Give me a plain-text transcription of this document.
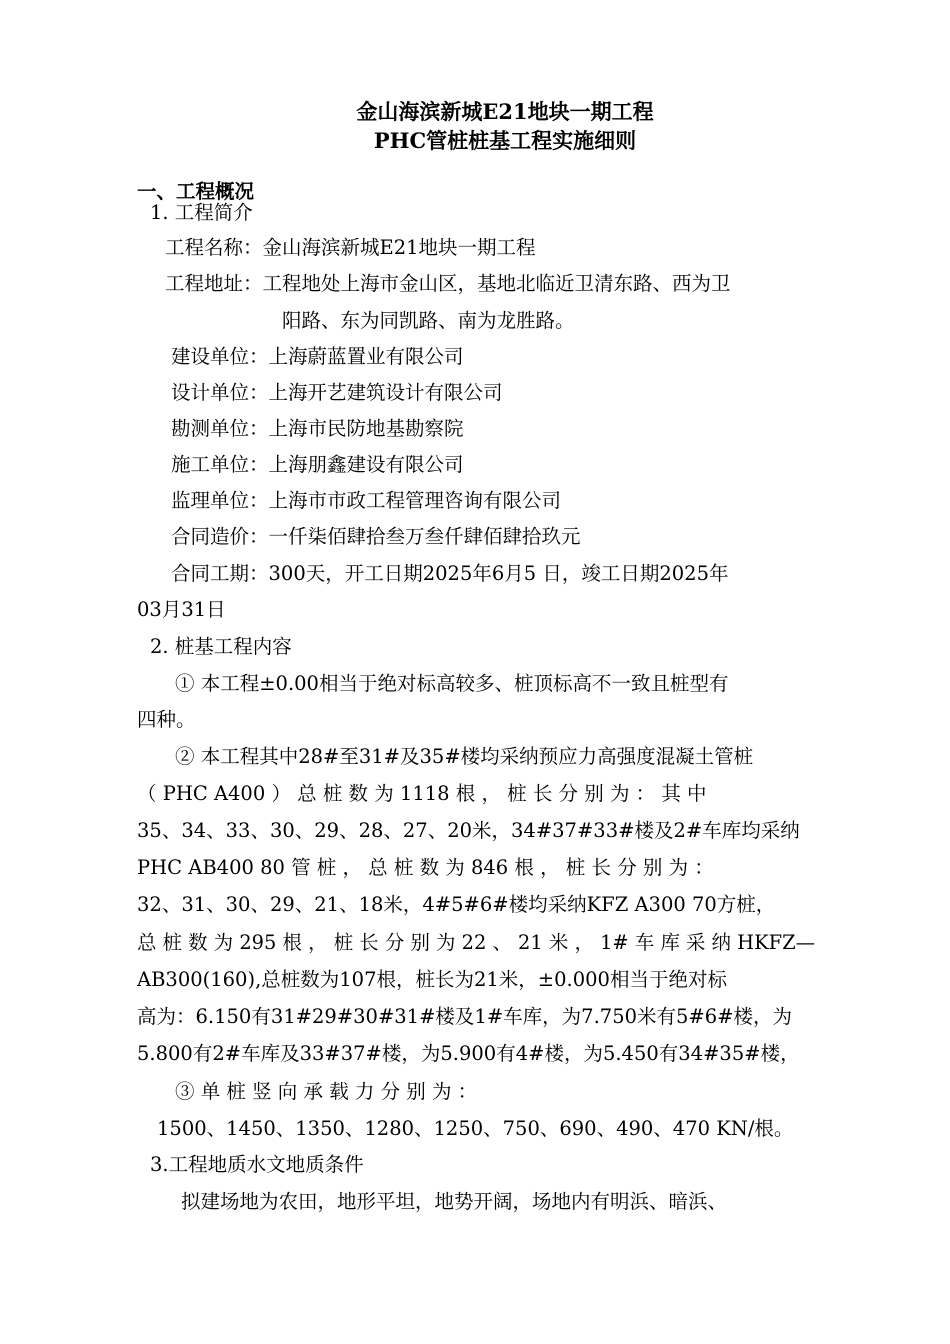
金山海滨新城E21地块一期工程
PHC管桩桩基工程实施细则
一、工程概况
1. 工程简介
工程名称：金山海滨新城E21地块一期工程
工程地址：工程地处上海市金山区，基地北临近卫清东路、西为卫
阳路、东为同凯路、南为龙胜路。
建设单位：上海蔚蓝置业有限公司
设计单位：上海开艺建筑设计有限公司
勘测单位：上海市民防地基勘察院
施工单位：上海朋鑫建设有限公司
监理单位：上海市市政工程管理咨询有限公司
合同造价：一仟柒佰肆拾叁万叁仟肆佰肆拾玖元
合同工期：300天，开工日期2025年6月5 日，竣工日期2025年
03月31日
2. 桩基工程内容
① 本工程±0.00相当于绝对标高较多、桩顶标高不一致且桩型有
四种。
② 本工程其中28#至31#及35#楼均采纳预应力高强度混凝土管桩
（ PHC A400 ） 总 桩 数 为 1118 根 ， 桩 长 分 别 为 ： 其 中
35、34、33、30、29、28、27、20米，34#37#33#楼及2#车库均采纳
PHC AB400 80 管 桩 ， 总 桩 数 为 846 根 ， 桩 长 分 别 为 ：
32、31、30、29、21、18米，4#5#6#楼均采纳KFZ A300 70方桩，
总 桩 数 为 295 根 ， 桩 长 分 别 为 22 、 21 米 ， 1# 车 库 采 纳 HKFZ—
AB300(160),总桩数为107根，桩长为21米，±0.000相当于绝对标
高为：6.150有31#29#30#31#楼及1#车库，为7.750米有5#6#楼，为
5.800有2#车库及33#37#楼，为5.900有4#楼，为5.450有34#35#楼，
③ 单 桩 竖 向 承 载 力 分 别 为 ：
1500、1450、1350、1280、1250、750、690、490、470 KN/根。
3.工程地质水文地质条件
拟建场地为农田，地形平坦，地势开阔，场地内有明浜、暗浜、
